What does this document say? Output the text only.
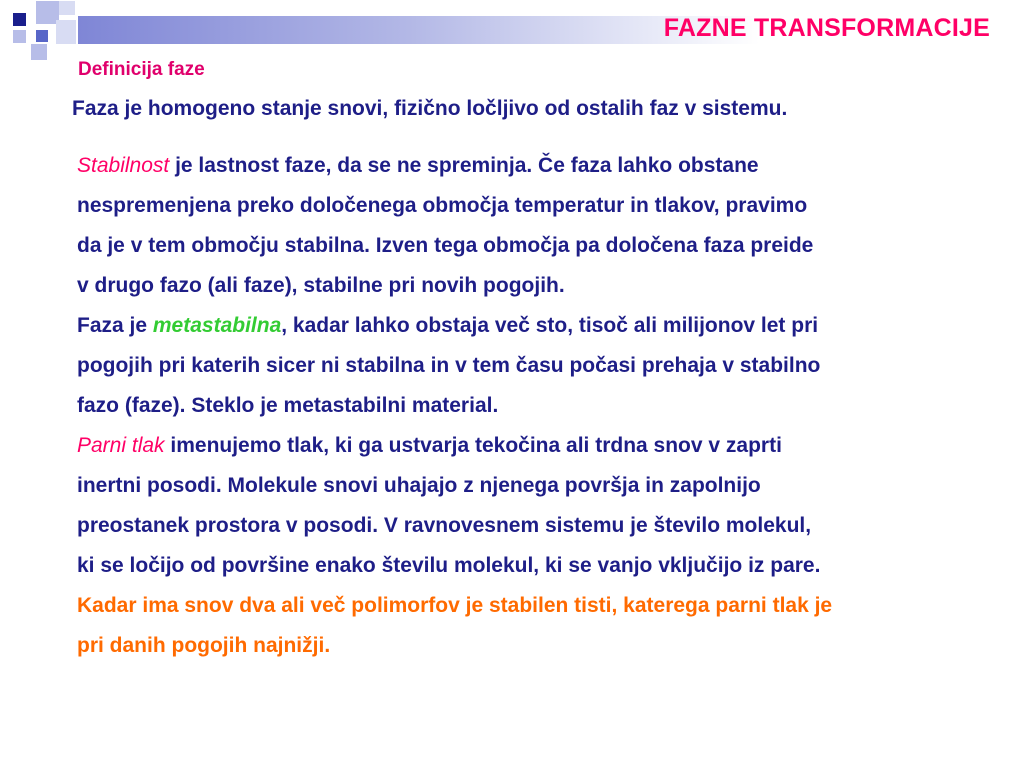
FAZNE TRANSFORMACIJE
Definicija faze
Faza je homogeno stanje snovi, fizično ločljivo od ostalih faz v sistemu.
Stabilnost je lastnost faze, da se ne spreminja. Če faza lahko obstane
nespremenjena preko določenega območja temperatur in tlakov, pravimo
da je v tem območju stabilna. Izven tega območja pa določena faza preide
v drugo fazo (ali faze), stabilne pri novih pogojih.
Faza je metastabilna, kadar lahko obstaja več sto, tisoč ali milijonov let pri
pogojih pri katerih sicer ni stabilna in v tem času počasi prehaja v stabilno
fazo (faze). Steklo je metastabilni material.
Parni tlak imenujemo tlak, ki ga ustvarja tekočina ali trdna snov v zaprti
inertni posodi. Molekule snovi uhajajo z njenega površja in zapolnijo
preostanek prostora v posodi. V ravnovesnem sistemu je število molekul,
ki se ločijo od površine enako številu molekul, ki se vanjo vključijo iz pare.
Kadar ima snov dva ali več polimorfov je stabilen tisti, katerega parni tlak je
pri danih pogojih najnižji.
